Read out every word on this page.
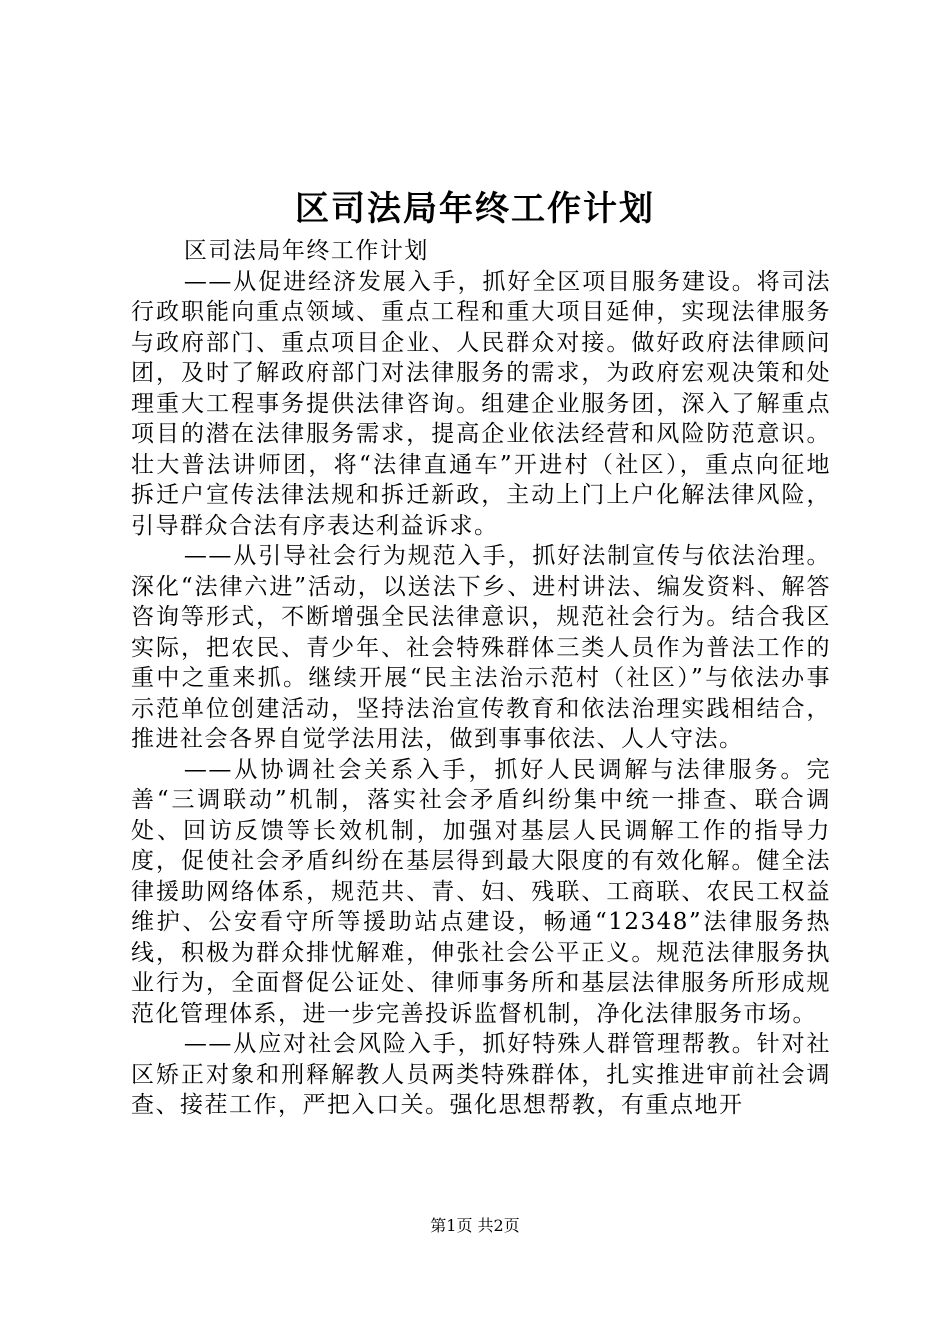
区司法局年终工作计划

区司法局年终工作计划

——从促进经济发展入手，抓好全区项目服务建设。将司法行政职能向重点领域、重点工程和重大项目延伸，实现法律服务与政府部门、重点项目企业、人民群众对接。做好政府法律顾问团，及时了解政府部门对法律服务的需求，为政府宏观决策和处理重大工程事务提供法律咨询。组建企业服务团，深入了解重点项目的潜在法律服务需求，提高企业依法经营和风险防范意识。壮大普法讲师团，将“法律直通车”开进村（社区），重点向征地拆迁户宣传法律法规和拆迁新政，主动上门上户化解法律风险，引导群众合法有序表达利益诉求。

——从引导社会行为规范入手，抓好法制宣传与依法治理。深化“法律六进”活动，以送法下乡、进村讲法、编发资料、解答咨询等形式，不断增强全民法律意识，规范社会行为。结合我区实际，把农民、青少年、社会特殊群体三类人员作为普法工作的重中之重来抓。继续开展“民主法治示范村（社区）”与依法办事示范单位创建活动，坚持法治宣传教育和依法治理实践相结合，推进社会各界自觉学法用法，做到事事依法、人人守法。

——从协调社会关系入手，抓好人民调解与法律服务。完善“三调联动”机制，落实社会矛盾纠纷集中统一排查、联合调处、回访反馈等长效机制，加强对基层人民调解工作的指导力度，促使社会矛盾纠纷在基层得到最大限度的有效化解。健全法律援助网络体系，规范共、青、妇、残联、工商联、农民工权益维护、公安看守所等援助站点建设，畅通“12348”法律服务热线，积极为群众排忧解难，伸张社会公平正义。规范法律服务执业行为，全面督促公证处、律师事务所和基层法律服务所形成规范化管理体系，进一步完善投诉监督机制，净化法律服务市场。

——从应对社会风险入手，抓好特殊人群管理帮教。针对社区矫正对象和刑释解教人员两类特殊群体，扎实推进审前社会调查、接茬工作，严把入口关。强化思想帮教，有重点地开

第1页 共2页
